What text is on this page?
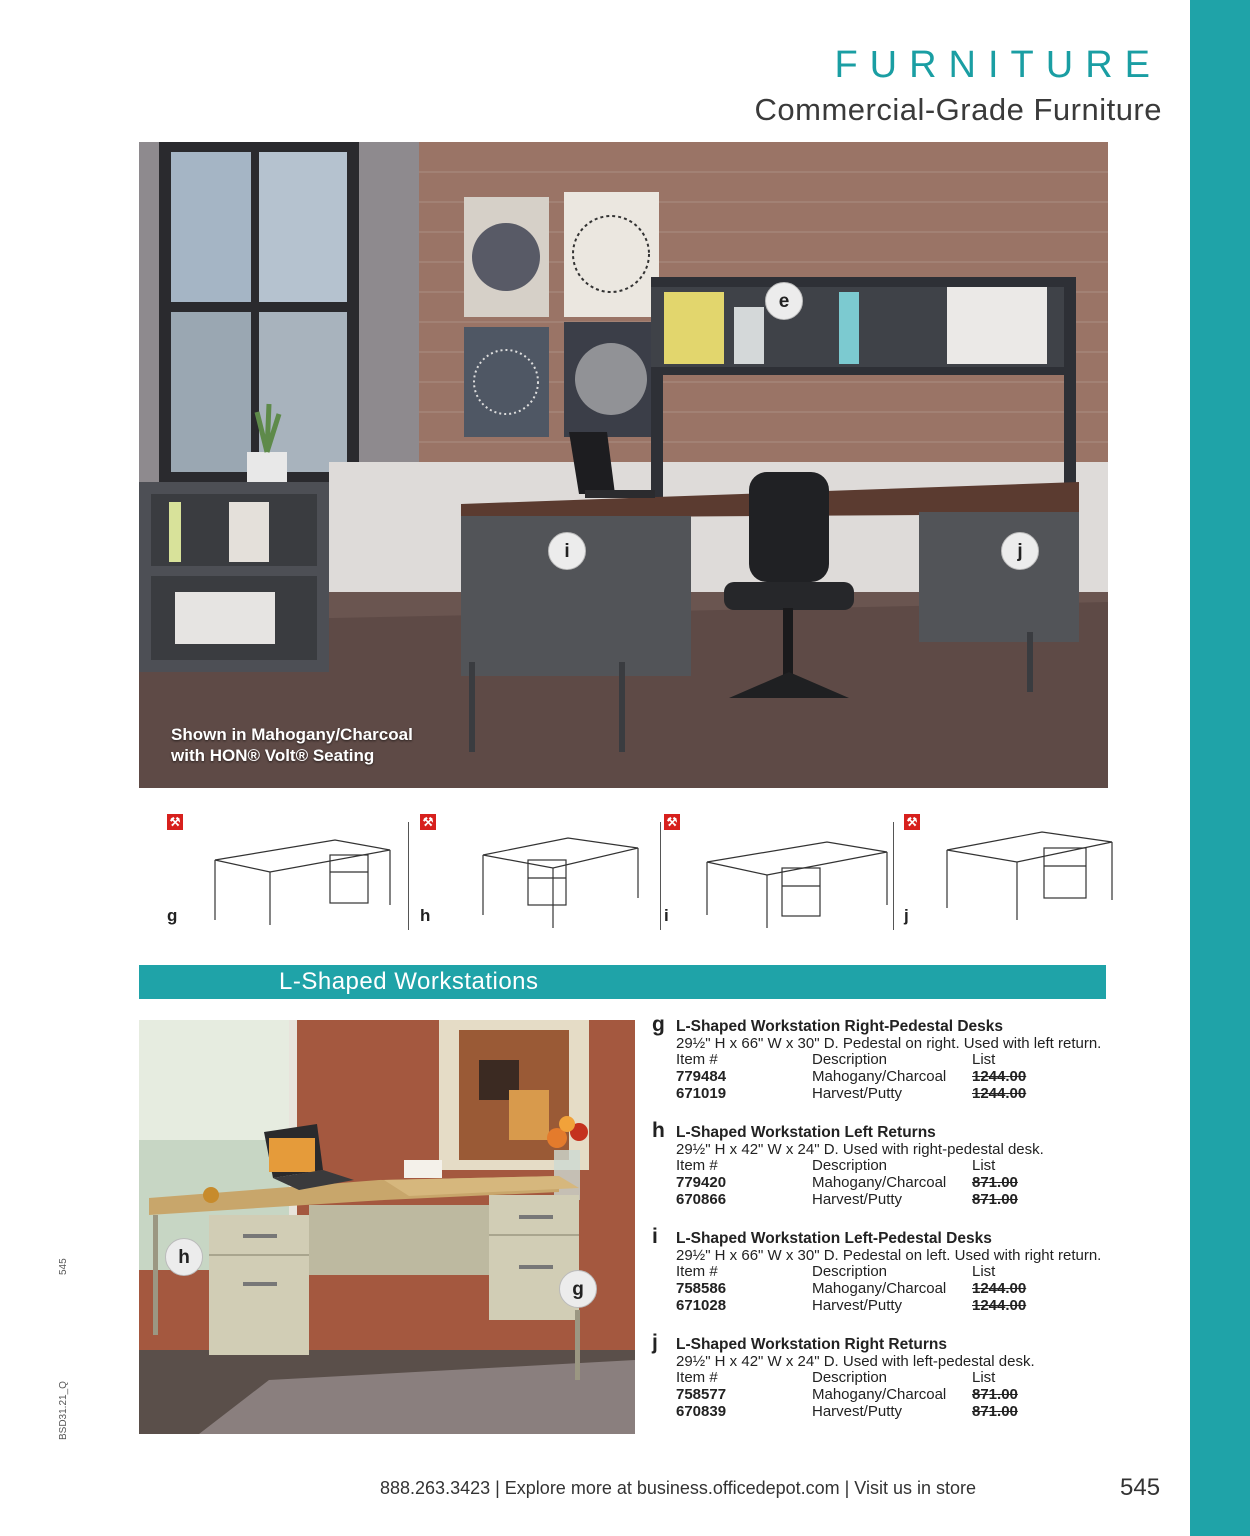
FURNITURE
Commercial-Grade Furniture
e
i	j
Shown in Mahogany/Charcoal
with HON® Volt® Seating
⚒
g
⚒
h
⚒
i
⚒
j
L-Shaped Workstations
h
g
g L-Shaped Workstation Right-Pedestal Desks
29½" H x 66" W x 30" D. Pedestal on right. Used with left return.
Item #	Description	List
779484	Mahogany/Charcoal 1244.00
671019	Harvest/Putty	1244.00
h L-Shaped Workstation Left Returns
29½" H x 42" W x 24" D. Used with right-pedestal desk.
Item #	Description	List
779420	Mahogany/Charcoal 871.00
670866	Harvest/Putty	871.00
i L-Shaped Workstation Left-Pedestal Desks
29½" H x 66" W x 30" D. Pedestal on left. Used with right return.
Item #	Description	List
758586	Mahogany/Charcoal 1244.00
671028	Harvest/Putty	1244.00
j L-Shaped Workstation Right Returns
29½" H x 42" W x 24" D. Used with left-pedestal desk.
Item #	Description	List
758577	Mahogany/Charcoal 871.00
670839	Harvest/Putty	871.00
545
BSD31.21_Q
888.263.3423 | Explore more at business.officedepot.com | Visit us in store	545
